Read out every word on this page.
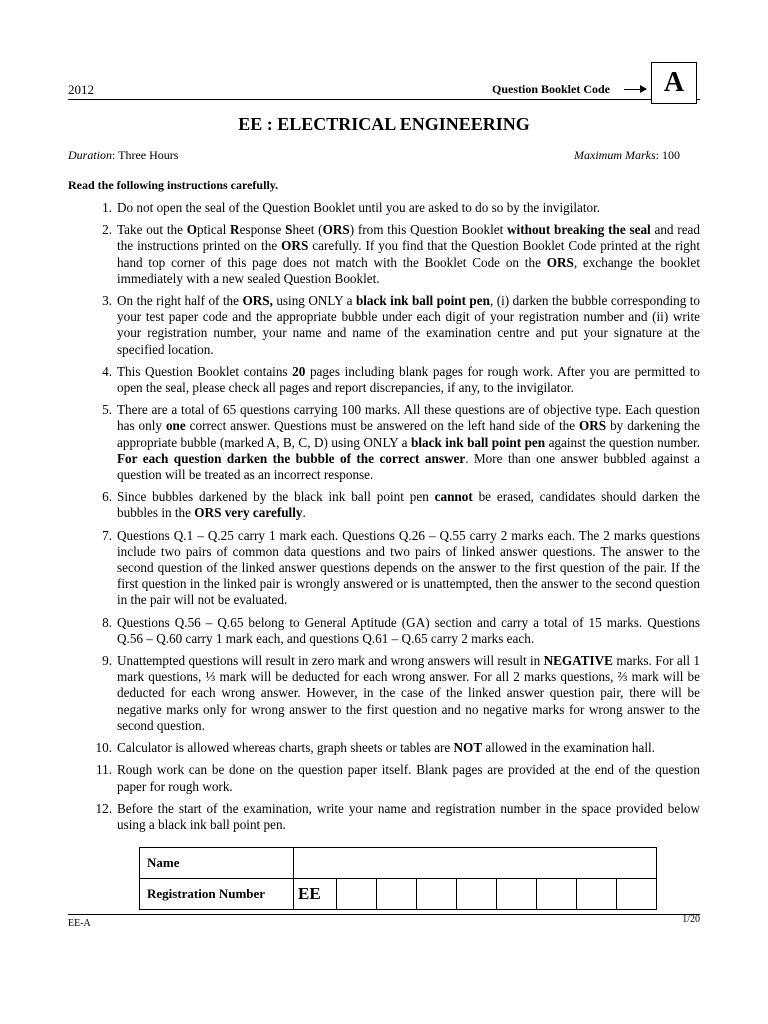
2012	Question Booklet Code	A
EE : ELECTRICAL ENGINEERING
Duration: Three Hours	Maximum Marks: 100
Read the following instructions carefully.
1. Do not open the seal of the Question Booklet until you are asked to do so by the invigilator.
2. Take out the Optical Response Sheet (ORS) from this Question Booklet without breaking the seal and read the instructions printed on the ORS carefully. If you find that the Question Booklet Code printed at the right hand top corner of this page does not match with the Booklet Code on the ORS, exchange the booklet immediately with a new sealed Question Booklet.
3. On the right half of the ORS, using ONLY a black ink ball point pen, (i) darken the bubble corresponding to your test paper code and the appropriate bubble under each digit of your registration number and (ii) write your registration number, your name and name of the examination centre and put your signature at the specified location.
4. This Question Booklet contains 20 pages including blank pages for rough work. After you are permitted to open the seal, please check all pages and report discrepancies, if any, to the invigilator.
5. There are a total of 65 questions carrying 100 marks. All these questions are of objective type. Each question has only one correct answer. Questions must be answered on the left hand side of the ORS by darkening the appropriate bubble (marked A, B, C, D) using ONLY a black ink ball point pen against the question number. For each question darken the bubble of the correct answer. More than one answer bubbled against a question will be treated as an incorrect response.
6. Since bubbles darkened by the black ink ball point pen cannot be erased, candidates should darken the bubbles in the ORS very carefully.
7. Questions Q.1 – Q.25 carry 1 mark each. Questions Q.26 – Q.55 carry 2 marks each. The 2 marks questions include two pairs of common data questions and two pairs of linked answer questions. The answer to the second question of the linked answer questions depends on the answer to the first question of the pair. If the first question in the linked pair is wrongly answered or is unattempted, then the answer to the second question in the pair will not be evaluated.
8. Questions Q.56 – Q.65 belong to General Aptitude (GA) section and carry a total of 15 marks. Questions Q.56 – Q.60 carry 1 mark each, and questions Q.61 – Q.65 carry 2 marks each.
9. Unattempted questions will result in zero mark and wrong answers will result in NEGATIVE marks. For all 1 mark questions, ⅓ mark will be deducted for each wrong answer. For all 2 marks questions, ⅔ mark will be deducted for each wrong answer. However, in the case of the linked answer question pair, there will be negative marks only for wrong answer to the first question and no negative marks for wrong answer to the second question.
10. Calculator is allowed whereas charts, graph sheets or tables are NOT allowed in the examination hall.
11. Rough work can be done on the question paper itself. Blank pages are provided at the end of the question paper for rough work.
12. Before the start of the examination, write your name and registration number in the space provided below using a black ink ball point pen.
Name									
Registration Number	EE								
EE-A	1/20
